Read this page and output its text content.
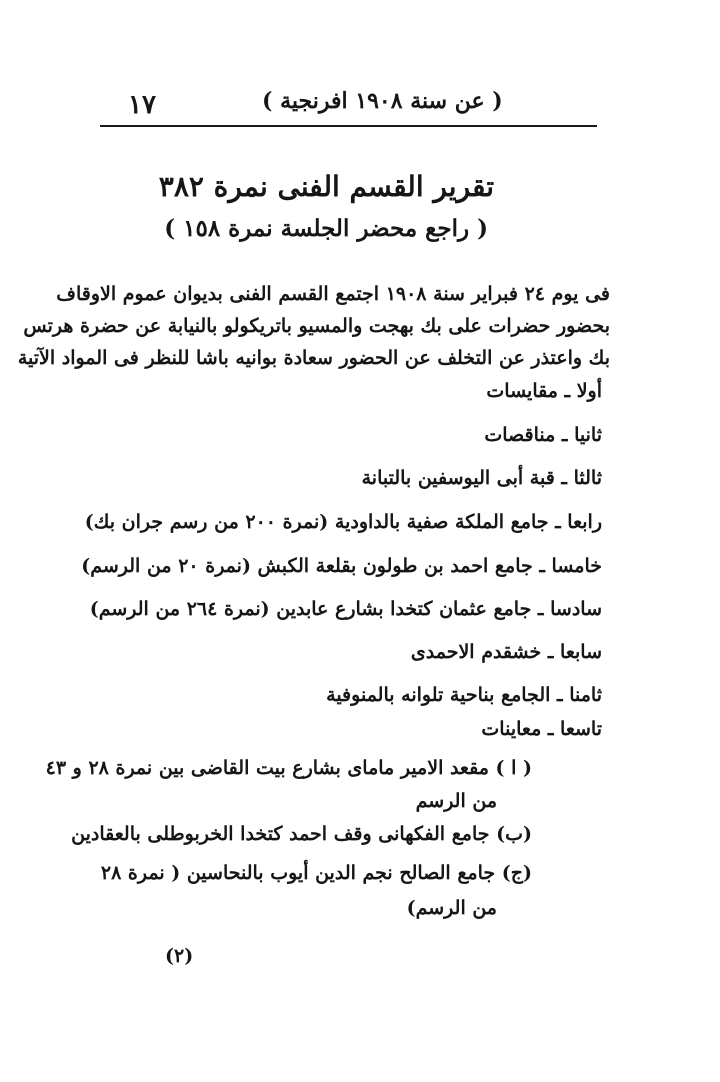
١٧	( عن سنة ١٩٠٨ افرنجية )
تقرير القسم الفنى نمرة ٣٨٢
( راجع محضر الجلسة نمرة ١٥٨ )
فى يوم ٢٤ فبراير سنة ١٩٠٨ اجتمع القسم الفنى بديوان عموم الاوقاف
بحضور حضرات على بك بهجت والمسيو باتريكولو بالنيابة عن حضرة هرتس
بك واعتذر عن التخلف عن الحضور سعادة بوانيه باشا للنظر فى المواد الآتية
أولا ـ مقايسات
ثانيا ـ مناقصات
ثالثا ـ قبة أبى اليوسفين بالتبانة
رابعا ـ جامع الملكة صفية بالداودية (نمرة ٢٠٠ من رسم جران بك)
خامسا ـ جامع احمد بن طولون بقلعة الكبش (نمرة ٢٠ من الرسم)
سادسا ـ جامع عثمان كتخدا بشارع عابدين (نمرة ٢٦٤ من الرسم)
سابعا ـ خشقدم الاحمدى
ثامنا ـ الجامع بناحية تلوانه بالمنوفية
تاسعا ـ معاينات
( ا ) مقعد الامير ماماى بشارع بيت القاضى بين نمرة ٢٨ و ٤٣
من الرسم
(ب) جامع الفكهانى وقف احمد كتخدا الخربوطلى بالعقادين
(ج) جامع الصالح نجم الدين أيوب بالنحاسين ( نمرة ٢٨
من الرسم)
(٢)
